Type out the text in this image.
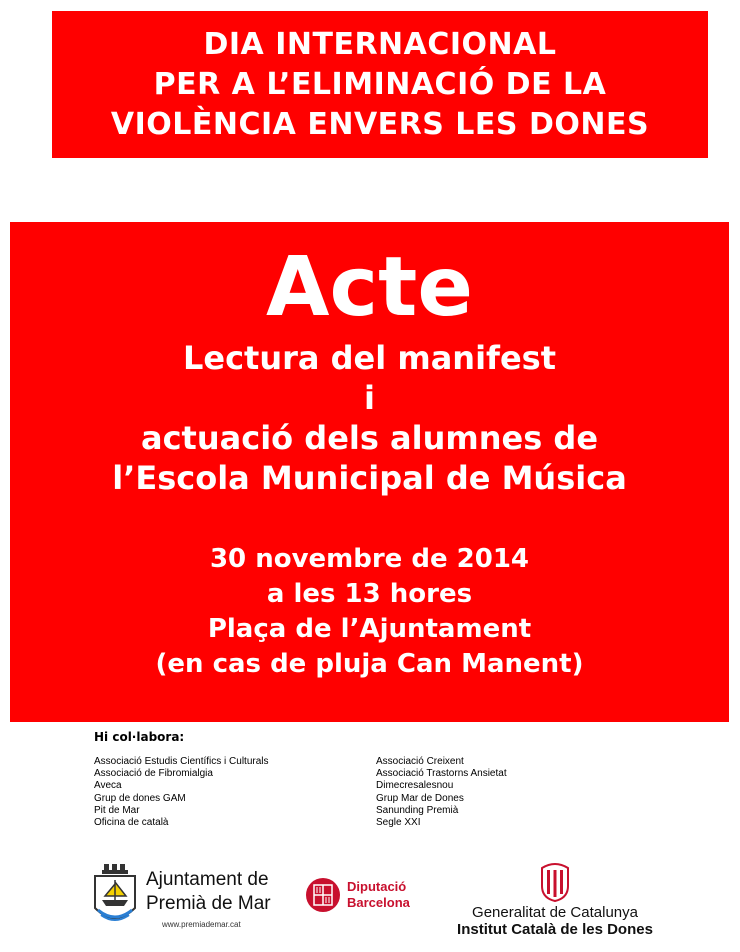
DIA INTERNACIONAL
PER A L’ELIMINACIÓ DE LA
VIOLÈNCIA ENVERS LES DONES
Acte
Lectura del manifest
i
actuació dels alumnes de
l’Escola Municipal de Música
30 novembre de 2014
a les 13 hores
Plaça de l’Ajuntament
(en cas de pluja Can Manent)
Hi col·labora:
Associació Estudis Científics i Culturals
Associació de Fibromialgia
Aveca
Grup de dones GAM
Pit de Mar
Oficina de català
Associació Creixent
Associació Trastorns Ansietat
Dimecresalesnou
Grup Mar de Dones
Sanunding Premià
Segle XXI
Ajuntament de
Premià de Mar
www.premiademar.cat
Diputació
Barcelona
Generalitat de Catalunya
Institut Català de les Dones
